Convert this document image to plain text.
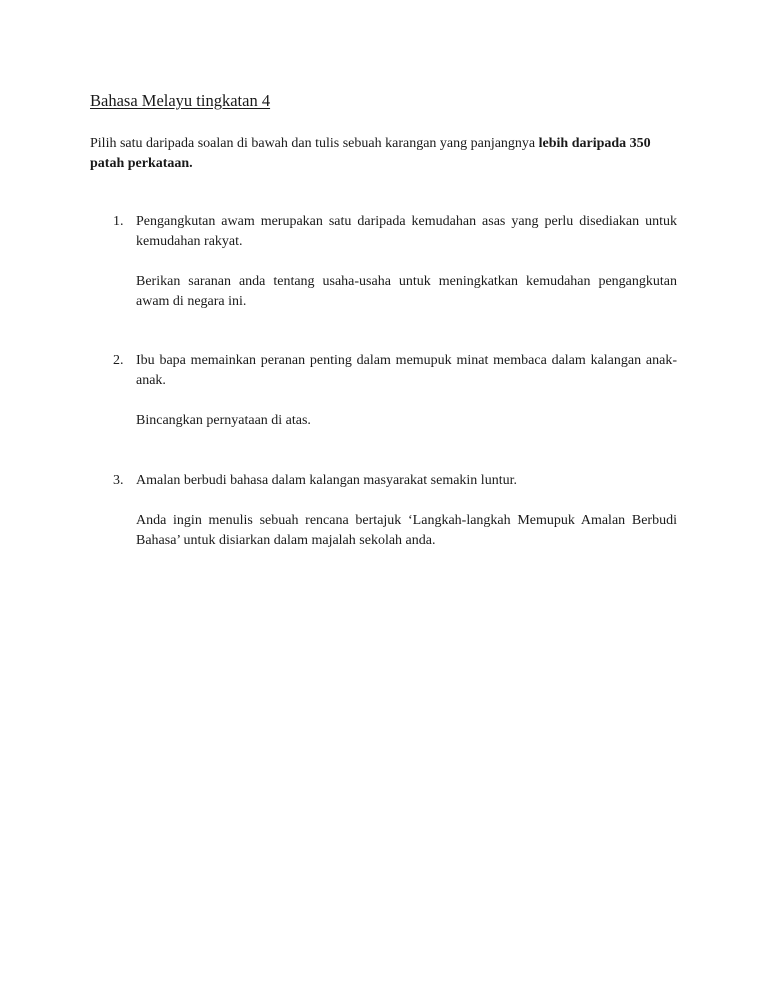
Bahasa Melayu tingkatan 4

Pilih satu daripada soalan di bawah dan tulis sebuah karangan yang panjangnya lebih daripada 350 patah perkataan.

1. Pengangkutan awam merupakan satu daripada kemudahan asas yang perlu disediakan untuk kemudahan rakyat.

Berikan saranan anda tentang usaha-usaha untuk meningkatkan kemudahan pengangkutan awam di negara ini.

2. Ibu bapa memainkan peranan penting dalam memupuk minat membaca dalam kalangan anak-anak.

Bincangkan pernyataan di atas.

3. Amalan berbudi bahasa dalam kalangan masyarakat semakin luntur.

Anda ingin menulis sebuah rencana bertajuk ‘Langkah-langkah Memupuk Amalan Berbudi Bahasa’ untuk disiarkan dalam majalah sekolah anda.
